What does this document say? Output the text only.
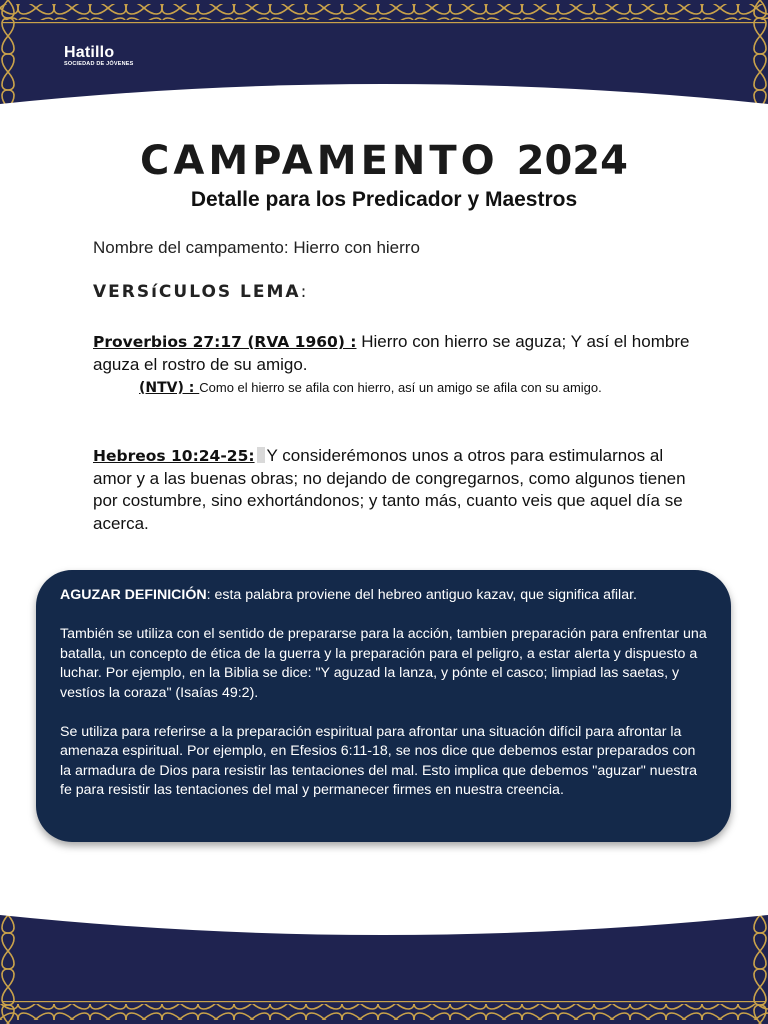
Hatillo
SOCIEDAD DE JÓVENES
CAMPAMENTO 2024
Detalle para los Predicador y Maestros
Nombre del campamento: Hierro con hierro
VERSíCULOS LEMA:
Proverbios 27:17 (RVA 1960) : Hierro con hierro se aguza; Y así el hombre aguza el rostro de su amigo.
(NTV) : Como el hierro se afila con hierro, así un amigo se afila con su amigo.
Hebreos 10:24-25: Y considerémonos unos a otros para estimularnos al amor y a las buenas obras; no dejando de congregarnos, como algunos tienen por costumbre, sino exhortándonos; y tanto más, cuanto veis que aquel día se acerca.

AGUZAR DEFINICIÓN: esta palabra proviene del hebreo antiguo kazav, que significa afilar.

También se utiliza con el sentido de prepararse para la acción, tambien preparación para enfrentar una batalla, un concepto de ética de la guerra y la preparación para el peligro, a estar alerta y dispuesto a luchar. Por ejemplo, en la Biblia se dice: "Y aguzad la lanza, y pónte el casco; limpiad las saetas, y vestíos la coraza" (Isaías 49:2).

Se utiliza para referirse a la preparación espiritual para afrontar una situación difícil para afrontar la amenaza espiritual. Por ejemplo, en Efesios 6:11-18, se nos dice que debemos estar preparados con la armadura de Dios para resistir las tentaciones del mal. Esto implica que debemos "aguzar" nuestra fe para resistir las tentaciones del mal y permanecer firmes en nuestra creencia.
